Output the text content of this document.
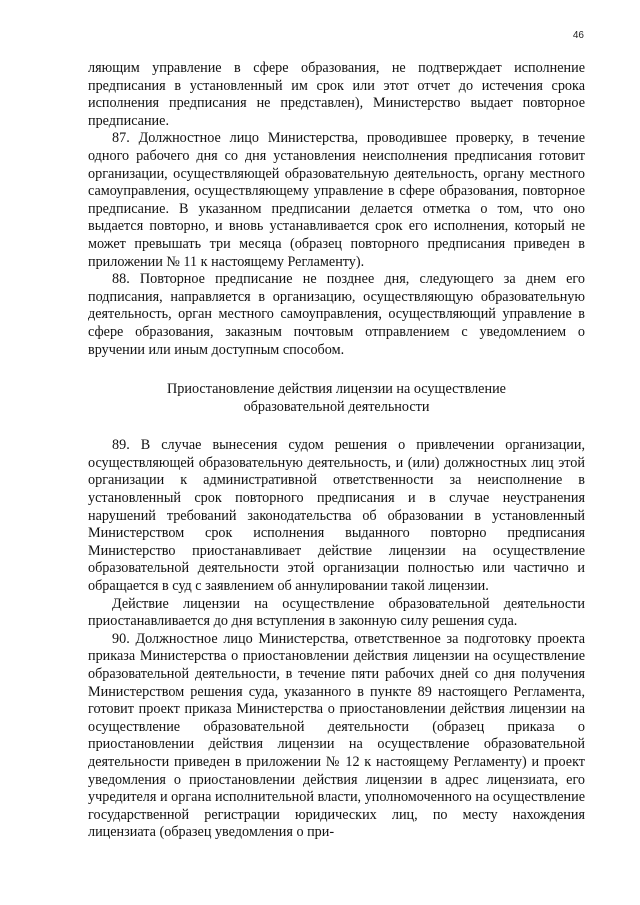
46

ляющим управление в сфере образования, не подтверждает исполнение предписания в установленный им срок или этот отчет до истечения срока исполнения предписания не представлен), Министерство выдает повторное предписание.

87. Должностное лицо Министерства, проводившее проверку, в течение одного рабочего дня со дня установления неисполнения предписания готовит организации, осуществляющей образовательную деятельность, органу местного самоуправления, осуществляющему управление в сфере образования, повторное предписание. В указанном предписании делается отметка о том, что оно выдается повторно, и вновь устанавливается срок его исполнения, который не может превышать три месяца (образец повторного предписания приведен в приложении № 11 к настоящему Регламенту).

88. Повторное предписание не позднее дня, следующего за днем его подписания, направляется в организацию, осуществляющую образовательную деятельность, орган местного самоуправления, осуществляющий управление в сфере образования, заказным почтовым отправлением с уведомлением о вручении или иным доступным способом.

Приостановление действия лицензии на осуществление образовательной деятельности

89. В случае вынесения судом решения о привлечении организации, осуществляющей образовательную деятельность, и (или) должностных лиц этой организации к административной ответственности за неисполнение в установленный срок повторного предписания и в случае неустранения нарушений требований законодательства об образовании в установленный Министерством срок исполнения выданного повторно предписания Министерство приостанавливает действие лицензии на осуществление образовательной деятельности этой организации полностью или частично и обращается в суд с заявлением об аннулировании такой лицензии.

Действие лицензии на осуществление образовательной деятельности приостанавливается до дня вступления в законную силу решения суда.

90. Должностное лицо Министерства, ответственное за подготовку проекта приказа Министерства о приостановлении действия лицензии на осуществление образовательной деятельности, в течение пяти рабочих дней со дня получения Министерством решения суда, указанного в пункте 89 настоящего Регламента, готовит проект приказа Министерства о приостановлении действия лицензии на осуществление образовательной деятельности (образец приказа о приостановлении действия лицензии на осуществление образовательной деятельности приведен в приложении № 12 к настоящему Регламенту) и проект уведомления о приостановлении действия лицензии в адрес лицензиата, его учредителя и органа исполнительной власти, уполномоченного на осуществление государственной регистрации юридических лиц, по месту нахождения лицензиата (образец уведомления о при-
